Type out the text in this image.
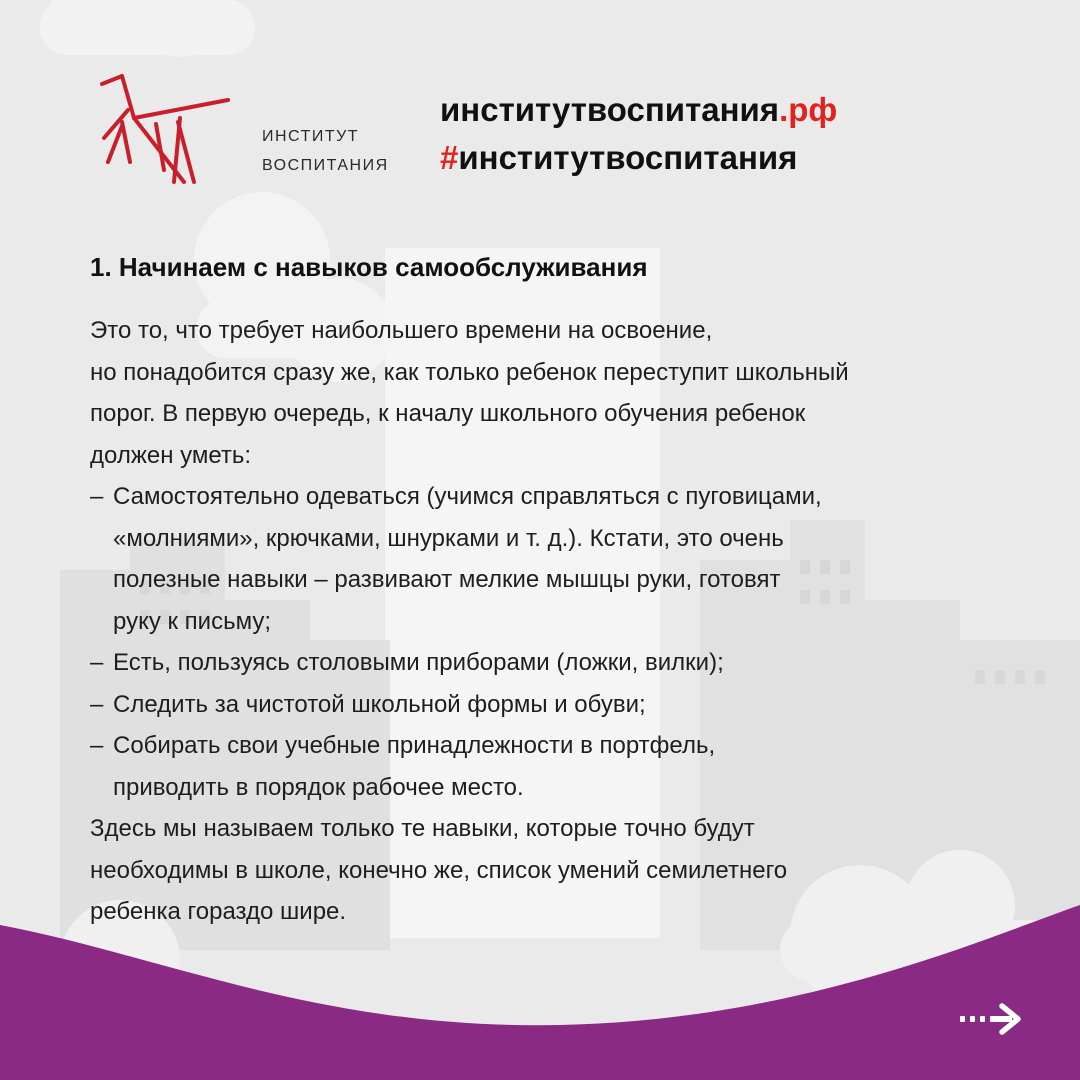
ИНСТИТУТ
ВОСПИТАНИЯ
институтвоспитания.рф
#институтвоспитания
1. Начинаем с навыков самообслуживания
Это то, что требует наибольшего времени на освоение,
но понадобится сразу же, как только ребенок переступит школьный
порог. В первую очередь, к началу школьного обучения ребенок
должен уметь:
– Самостоятельно одеваться (учимся справляться с пуговицами,
«молниями», крючками, шнурками и т. д.). Кстати, это очень
полезные навыки – развивают мелкие мышцы руки, готовят
руку к письму;
– Есть, пользуясь столовыми приборами (ложки, вилки);
– Следить за чистотой школьной формы и обуви;
– Собирать свои учебные принадлежности в портфель,
приводить в порядок рабочее место.
Здесь мы называем только те навыки, которые точно будут
необходимы в школе, конечно же, список умений семилетнего
ребенка гораздо шире.
